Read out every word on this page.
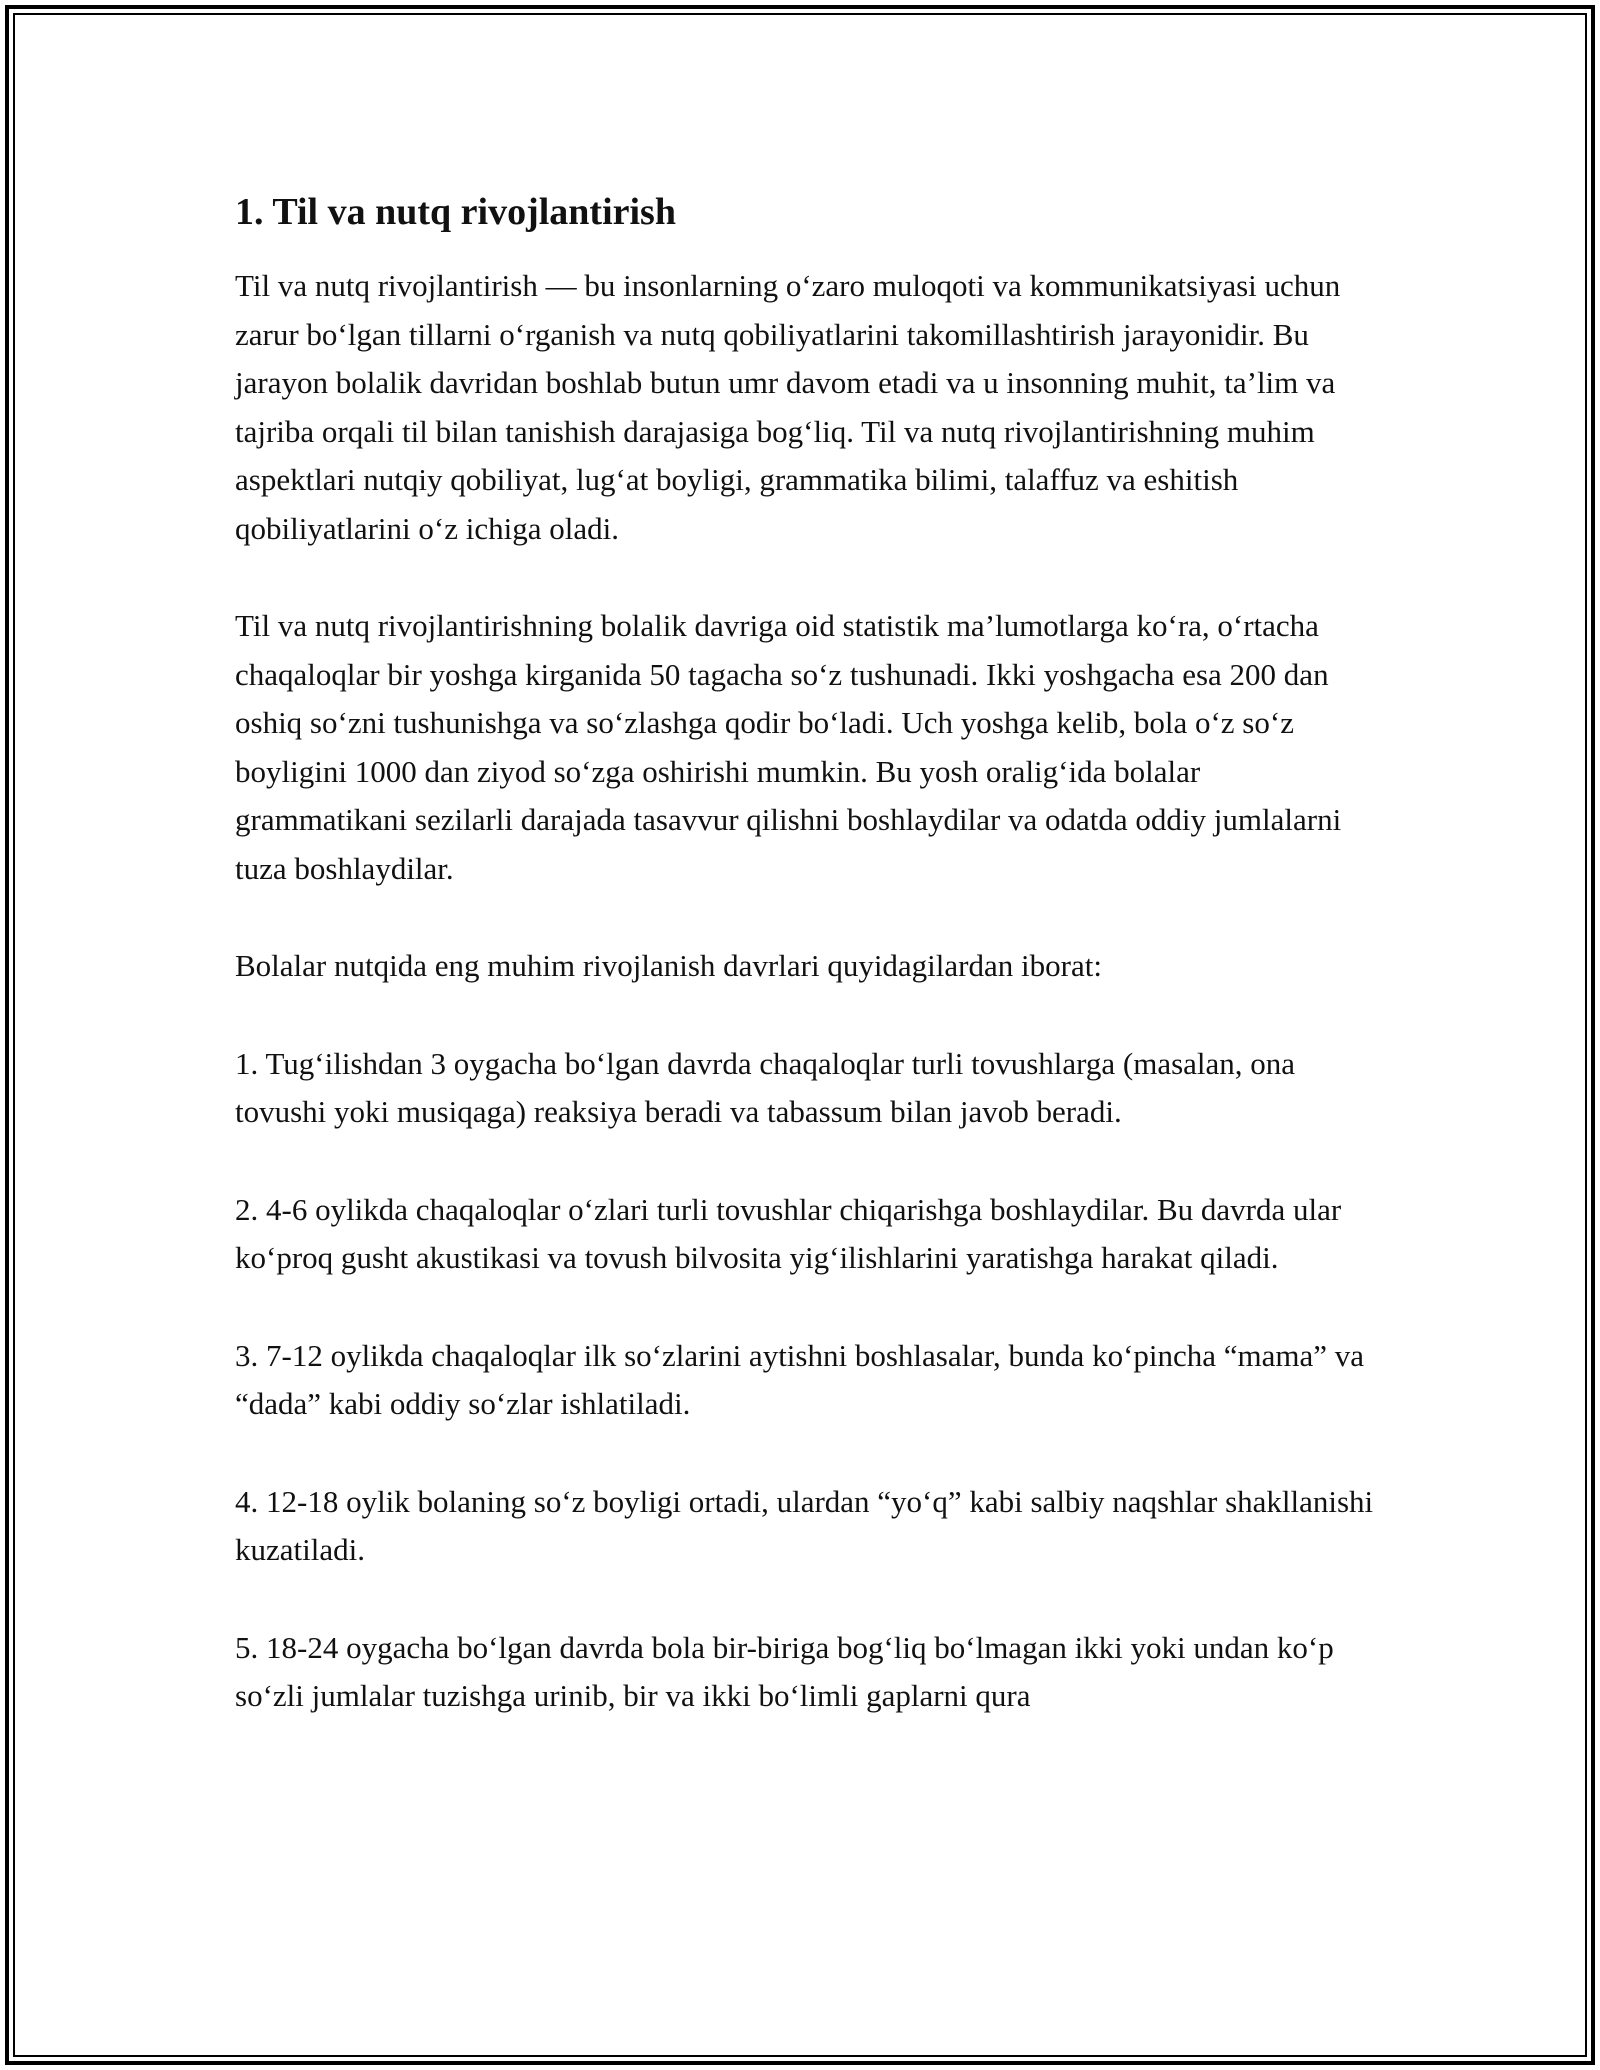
1. Til va nutq rivojlantirish

Til va nutq rivojlantirish — bu insonlarning o‘zaro muloqoti va kommunikatsiyasi uchun zarur bo‘lgan tillarni o‘rganish va nutq qobiliyatlarini takomillashtirish jarayonidir. Bu jarayon bolalik davridan boshlab butun umr davom etadi va u insonning muhit, ta’lim va tajriba orqali til bilan tanishish darajasiga bog‘liq. Til va nutq rivojlantirishning muhim aspektlari nutqiy qobiliyat, lug‘at boyligi, grammatika bilimi, talaffuz va eshitish qobiliyatlarini o‘z ichiga oladi.

Til va nutq rivojlantirishning bolalik davriga oid statistik ma’lumotlarga ko‘ra, o‘rtacha chaqaloqlar bir yoshga kirganida 50 tagacha so‘z tushunadi. Ikki yoshgacha esa 200 dan oshiq so‘zni tushunishga va so‘zlashga qodir bo‘ladi. Uch yoshga kelib, bola o‘z so‘z boyligini 1000 dan ziyod so‘zga oshirishi mumkin. Bu yosh oralig‘ida bolalar grammatikani sezilarli darajada tasavvur qilishni boshlaydilar va odatda oddiy jumlalarni tuza boshlaydilar.

Bolalar nutqida eng muhim rivojlanish davrlari quyidagilardan iborat:

1. Tug‘ilishdan 3 oygacha bo‘lgan davrda chaqaloqlar turli tovushlarga (masalan, ona tovushi yoki musiqaga) reaksiya beradi va tabassum bilan javob beradi.

2. 4-6 oylikda chaqaloqlar o‘zlari turli tovushlar chiqarishga boshlaydilar. Bu davrda ular ko‘proq gusht akustikasi va tovush bilvosita yig‘ilishlarini yaratishga harakat qiladi.

3. 7-12 oylikda chaqaloqlar ilk so‘zlarini aytishni boshlasalar, bunda ko‘pincha “mama” va “dada” kabi oddiy so‘zlar ishlatiladi.

4. 12-18 oylik bolaning so‘z boyligi ortadi, ulardan “yo‘q” kabi salbiy naqshlar shakllanishi kuzatiladi.

5. 18-24 oygacha bo‘lgan davrda bola bir-biriga bog‘liq bo‘lmagan ikki yoki undan ko‘p so‘zli jumlalar tuzishga urinib, bir va ikki bo‘limli gaplarni qura
